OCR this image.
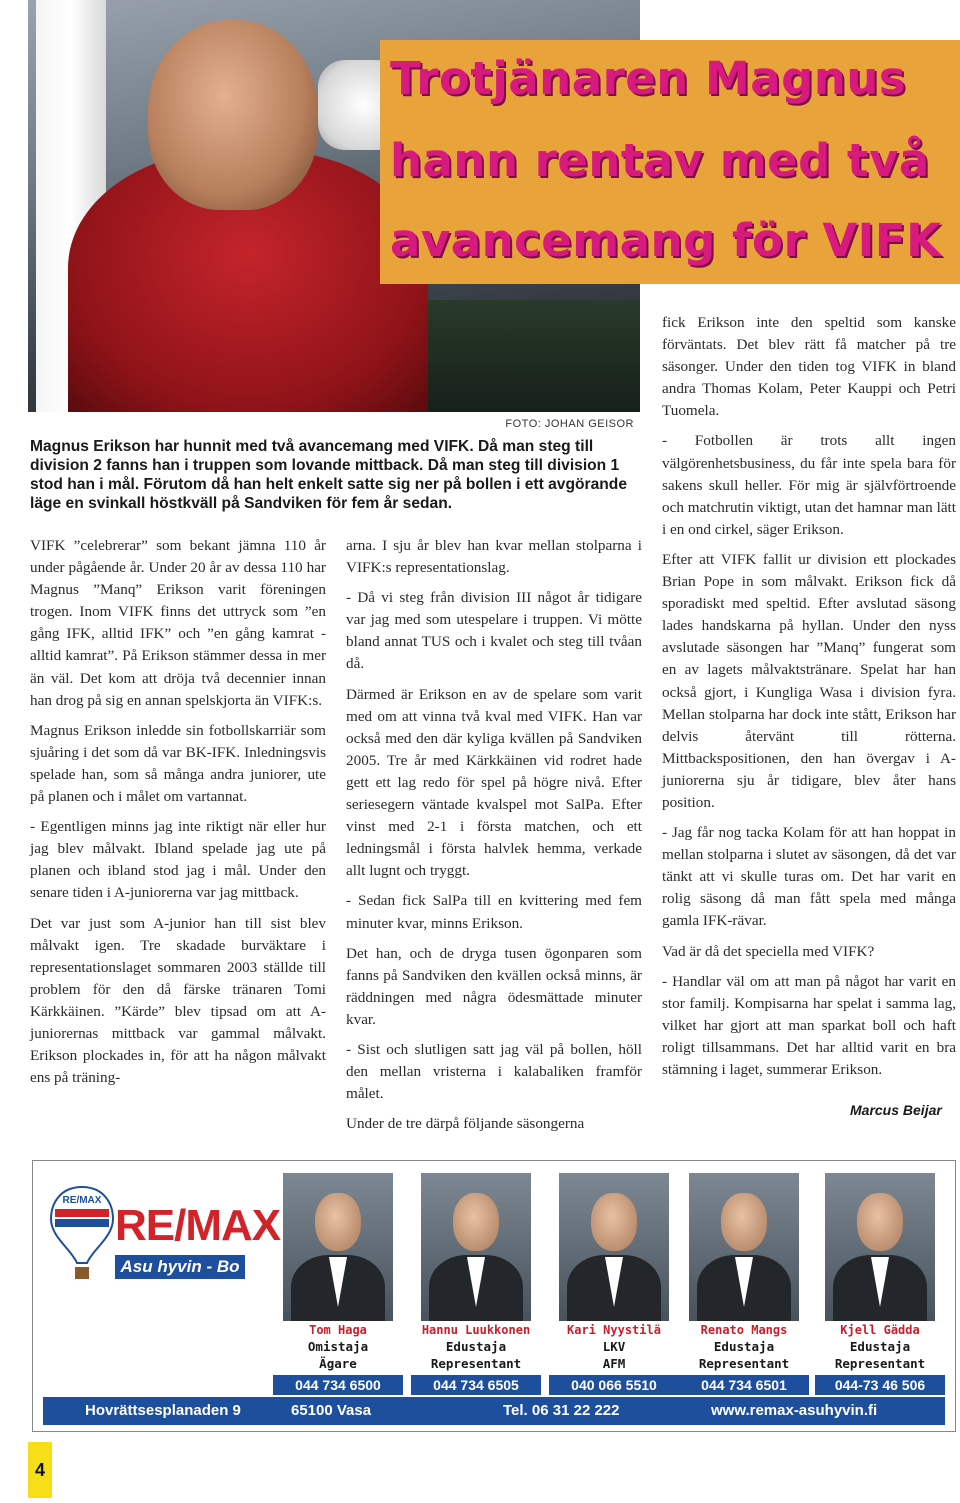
Trotjänaren Magnus
hann rentav med två
avancemang för VIFK
FOTO: JOHAN GEISOR
Magnus Erikson har hunnit med två avancemang med VIFK. Då man steg till division 2 fanns han i truppen som lovande mittback. Då man steg till division 1 stod han i mål. Förutom då han helt enkelt satte sig ner på bollen i ett avgörande läge en svinkall höstkväll på Sandviken för fem år sedan.

VIFK ”celebrerar” som bekant jämna 110 år under pågående år. Under 20 år av dessa 110 har Magnus ”Manq” Erikson varit föreningen trogen. Inom VIFK finns det uttryck som ”en gång IFK, alltid IFK” och ”en gång kamrat - alltid kamrat”. På Erikson stämmer dessa in mer än väl. Det kom att dröja två decennier innan han drog på sig en annan spelskjorta än VIFK:s.

Magnus Erikson inledde sin fotbollskarriär som sjuåring i det som då var BK-IFK. Inledningsvis spelade han, som så många andra juniorer, ute på planen och i målet om vartannat.

- Egentligen minns jag inte riktigt när eller hur jag blev målvakt. Ibland spelade jag ute på planen och ibland stod jag i mål. Under den senare tiden i A-juniorerna var jag mittback.

Det var just som A-junior han till sist blev målvakt igen. Tre skadade burväktare i representationslaget sommaren 2003 ställde till problem för den då färske tränaren Tomi Kärkkäinen. ”Kärde” blev tipsad om att A-juniorernas mittback var gammal målvakt. Erikson plockades in, för att ha någon målvakt ens på träning-

arna. I sju år blev han kvar mellan stolparna i VIFK:s representationslag.

- Då vi steg från division III något år tidigare var jag med som utespelare i truppen. Vi mötte bland annat TUS och i kvalet och steg till tvåan då.

Därmed är Erikson en av de spelare som varit med om att vinna två kval med VIFK. Han var också med den där kyliga kvällen på Sandviken 2005. Tre år med Kärkkäinen vid rodret hade gett ett lag redo för spel på högre nivå. Efter seriesegern väntade kvalspel mot SalPa. Efter vinst med 2-1 i första matchen, och ett ledningsmål i första halvlek hemma, verkade allt lugnt och tryggt.

- Sedan fick SalPa till en kvittering med fem minuter kvar, minns Erikson.

Det han, och de dryga tusen ögonparen som fanns på Sandviken den kvällen också minns, är räddningen med några ödesmättade minuter kvar.

- Sist och slutligen satt jag väl på bollen, höll den mellan vristerna i kalabaliken framför målet.

Under de tre därpå följande säsongerna

fick Erikson inte den speltid som kanske förväntats. Det blev rätt få matcher på tre säsonger. Under den tiden tog VIFK in bland andra Thomas Kolam, Peter Kauppi och Petri Tuomela.

- Fotbollen är trots allt ingen välgörenhetsbusiness, du får inte spela bara för sakens skull heller. För mig är självförtroende och matchrutin viktigt, utan det hamnar man lätt i en ond cirkel, säger Erikson.

Efter att VIFK fallit ur division ett plockades Brian Pope in som målvakt. Erikson fick då sporadiskt med speltid. Efter avslutad säsong lades handskarna på hyllan. Under den nyss avslutade säsongen har ”Manq” fungerat som en av lagets målvaktstränare. Spelat har han också gjort, i Kungliga Wasa i division fyra. Mellan stolparna har dock inte stått, Erikson har delvis återvänt till rötterna. Mittbackspositionen, den han övergav i A-juniorerna sju år tidigare, blev åter hans position.

- Jag får nog tacka Kolam för att han hoppat in mellan stolparna i slutet av säsongen, då det var tänkt att vi skulle turas om. Det har varit en rolig säsong då man fått spela med många gamla IFK-rävar.

Vad är då det speciella med VIFK?

- Handlar väl om att man på något har varit en stor familj. Kompisarna har spelat i samma lag, vilket har gjort att man sparkat boll och haft roligt tillsammans. Det har alltid varit en bra stämning i laget, summerar Erikson.

Marcus Beijar
RE/MAX
RE/MAX
Asu hyvin - Bo bra
Tom Haga
Omistaja
Ägare
044 734 6500
Hannu Luukkonen
Edustaja
Representant
044 734 6505
Kari Nyystilä
LKV
AFM
040 066 5510
Renato Mangs
Edustaja
Representant
044 734 6501
Kjell Gädda
Edustaja
Representant
044-73 46 506
Hovrättsesplanaden 9	65100 Vasa	Tel. 06 31 22 222	www.remax-asuhyvin.fi
4
